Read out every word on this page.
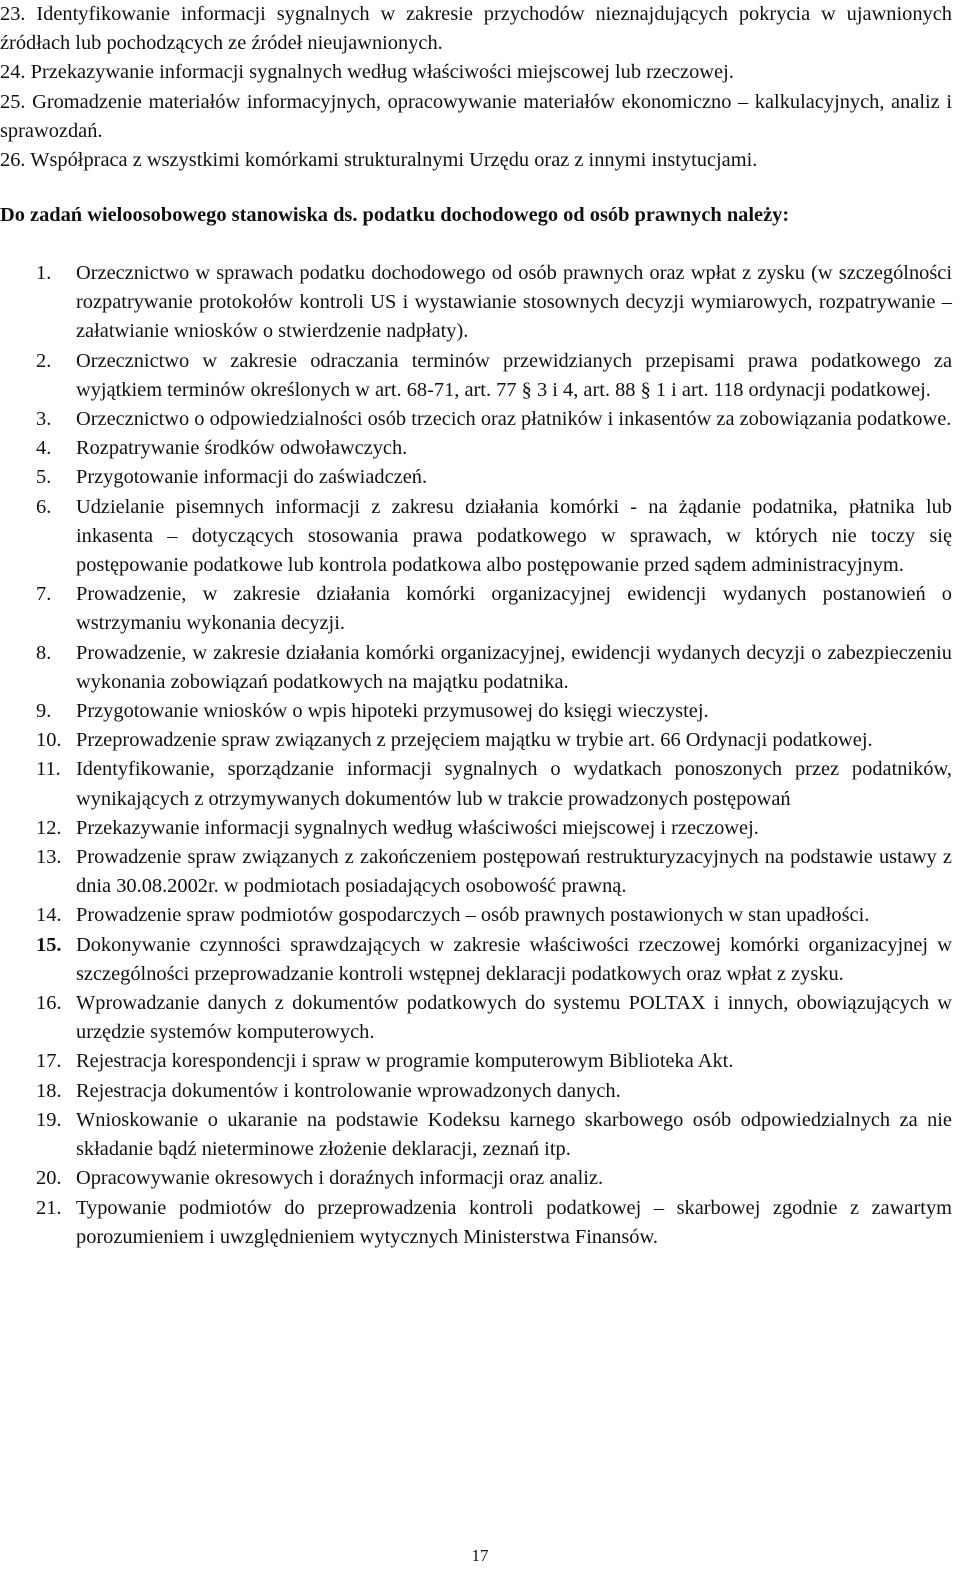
23. Identyfikowanie informacji sygnalnych w zakresie przychodów nieznajdujących pokrycia w ujawnionych źródłach lub pochodzących ze źródeł nieujawnionych.
24. Przekazywanie informacji sygnalnych według właściwości miejscowej lub rzeczowej.
25. Gromadzenie materiałów informacyjnych, opracowywanie materiałów ekonomiczno – kalkulacyjnych, analiz i sprawozdań.
26. Współpraca z wszystkimi komórkami strukturalnymi Urzędu oraz z innymi instytucjami.

Do zadań wieloosobowego stanowiska ds. podatku dochodowego od osób prawnych należy:

1.	Orzecznictwo w sprawach podatku dochodowego od osób prawnych oraz wpłat z zysku (w szczególności rozpatrywanie protokołów kontroli US i wystawianie stosownych decyzji wymiarowych, rozpatrywanie – załatwianie wniosków o stwierdzenie nadpłaty).
2.	Orzecznictwo w zakresie odraczania terminów przewidzianych przepisami prawa podatkowego za wyjątkiem terminów określonych w art. 68-71, art. 77 § 3 i 4, art. 88 § 1 i art. 118 ordynacji podatkowej.
3.	Orzecznictwo o odpowiedzialności osób trzecich oraz płatników i inkasentów za zobowiązania podatkowe.
4.	Rozpatrywanie środków odwoławczych.
5.	Przygotowanie informacji do zaświadczeń.
6.	Udzielanie pisemnych informacji z zakresu działania komórki - na żądanie podatnika, płatnika lub inkasenta – dotyczących stosowania prawa podatkowego w sprawach, w których nie toczy się postępowanie podatkowe lub kontrola podatkowa albo postępowanie przed sądem administracyjnym.
7.	Prowadzenie, w zakresie działania komórki organizacyjnej ewidencji wydanych postanowień o wstrzymaniu wykonania decyzji.
8.	Prowadzenie, w zakresie działania komórki organizacyjnej, ewidencji wydanych decyzji o zabezpieczeniu wykonania zobowiązań podatkowych na majątku podatnika.
9.	Przygotowanie wniosków o wpis hipoteki przymusowej do księgi wieczystej.
10. Przeprowadzenie spraw związanych z przejęciem majątku w trybie art. 66 Ordynacji podatkowej.
11. Identyfikowanie, sporządzanie informacji sygnalnych o wydatkach ponoszonych przez podatników, wynikających z otrzymywanych dokumentów lub w trakcie prowadzonych postępowań
12. Przekazywanie informacji sygnalnych według właściwości miejscowej i rzeczowej.
13. Prowadzenie spraw związanych z zakończeniem postępowań restrukturyzacyjnych na podstawie ustawy z dnia 30.08.2002r. w podmiotach posiadających osobowość prawną.
14. Prowadzenie spraw podmiotów gospodarczych – osób prawnych postawionych w stan upadłości.
15. Dokonywanie czynności sprawdzających w zakresie właściwości rzeczowej komórki organizacyjnej w szczególności przeprowadzanie kontroli wstępnej deklaracji podatkowych oraz wpłat z zysku.
16. Wprowadzanie danych z dokumentów podatkowych do systemu POLTAX i innych, obowiązujących w urzędzie systemów komputerowych.
17. Rejestracja korespondencji i spraw w programie komputerowym Biblioteka Akt.
18. Rejestracja dokumentów i kontrolowanie wprowadzonych danych.
19. Wnioskowanie o ukaranie na podstawie Kodeksu karnego skarbowego osób odpowiedzialnych za nie składanie bądź nieterminowe złożenie deklaracji, zeznań itp.
20. Opracowywanie okresowych i doraźnych informacji oraz analiz.
21. Typowanie podmiotów do przeprowadzenia kontroli podatkowej – skarbowej zgodnie z zawartym porozumieniem i uwzględnieniem wytycznych Ministerstwa Finansów.
17
